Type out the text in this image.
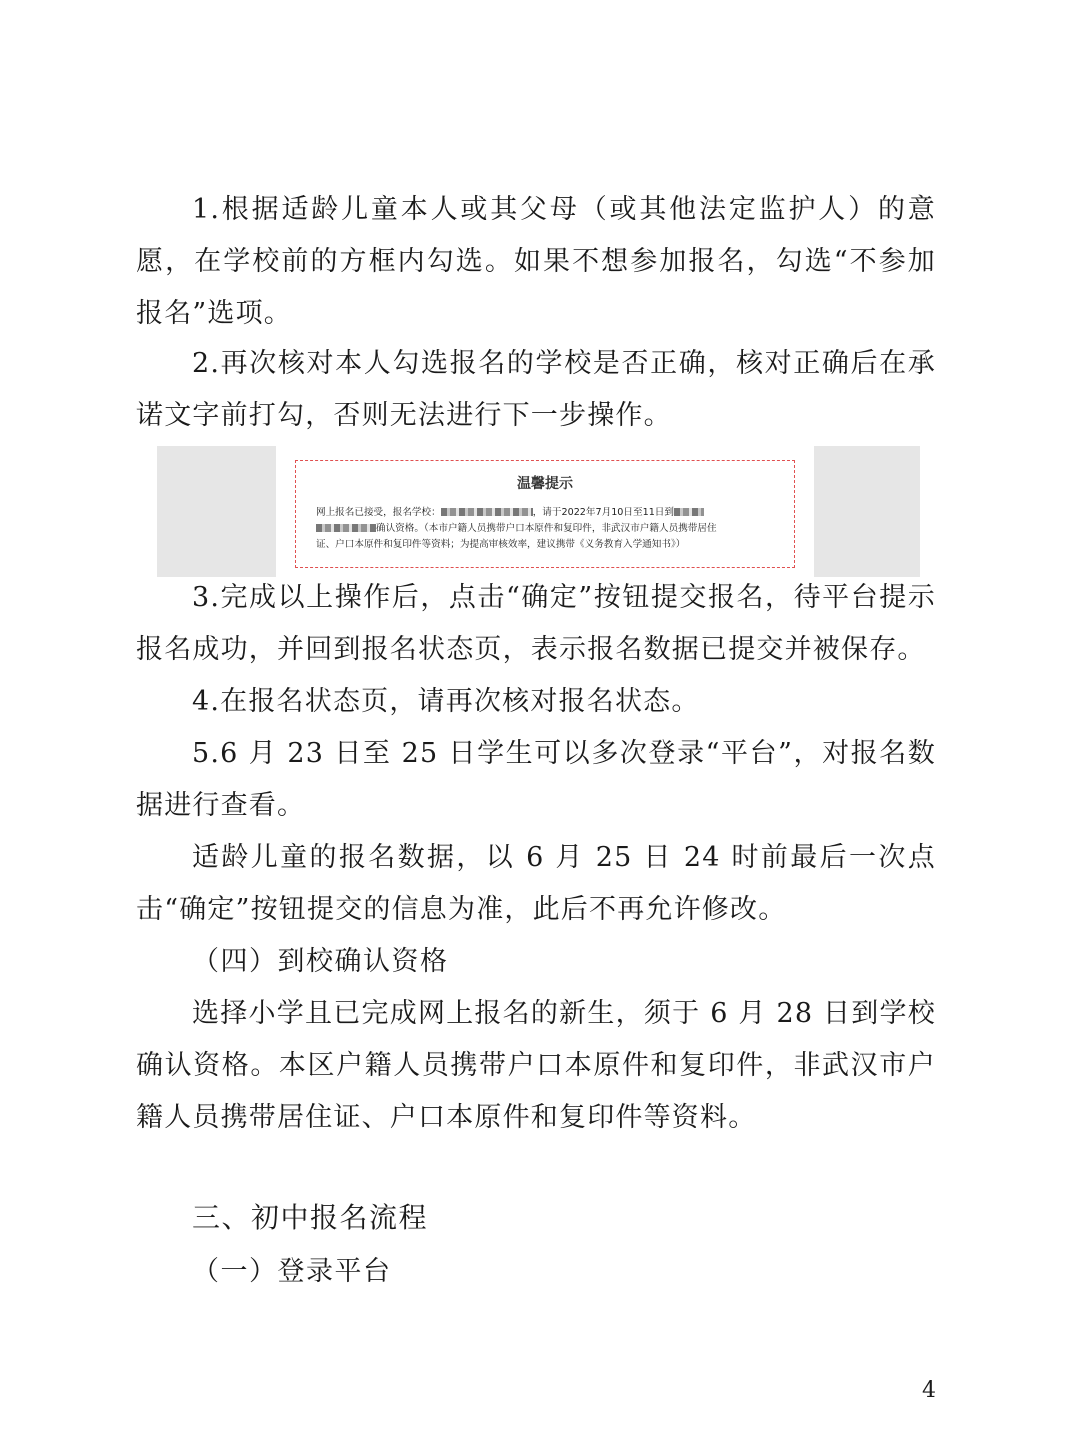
1.根据适龄儿童本人或其父母（或其他法定监护人）的意愿，在学校前的方框内勾选。如果不想参加报名，勾选“不参加报名”选项。

2.再次核对本人勾选报名的学校是否正确，核对正确后在承诺文字前打勾，否则无法进行下一步操作。

温馨提示
网上报名已接受，报名学校：	，请于2022年7月10日至11日到
确认资格。（本市户籍人员携带户口本原件和复印件，非武汉市户籍人员携带居住
证、户口本原件和复印件等资料；为提高审核效率，建议携带《义务教育入学通知书》）

3.完成以上操作后，点击“确定”按钮提交报名，待平台提示报名成功，并回到报名状态页，表示报名数据已提交并被保存。

4.在报名状态页，请再次核对报名状态。

5.6 月 23 日至 25 日学生可以多次登录“平台”，对报名数据进行查看。

适龄儿童的报名数据，以 6 月 25 日 24 时前最后一次点击“确定”按钮提交的信息为准，此后不再允许修改。

（四）到校确认资格

选择小学且已完成网上报名的新生，须于 6 月 28 日到学校确认资格。本区户籍人员携带户口本原件和复印件，非武汉市户籍人员携带居住证、户口本原件和复印件等资料。

三、初中报名流程

（一）登录平台

4
